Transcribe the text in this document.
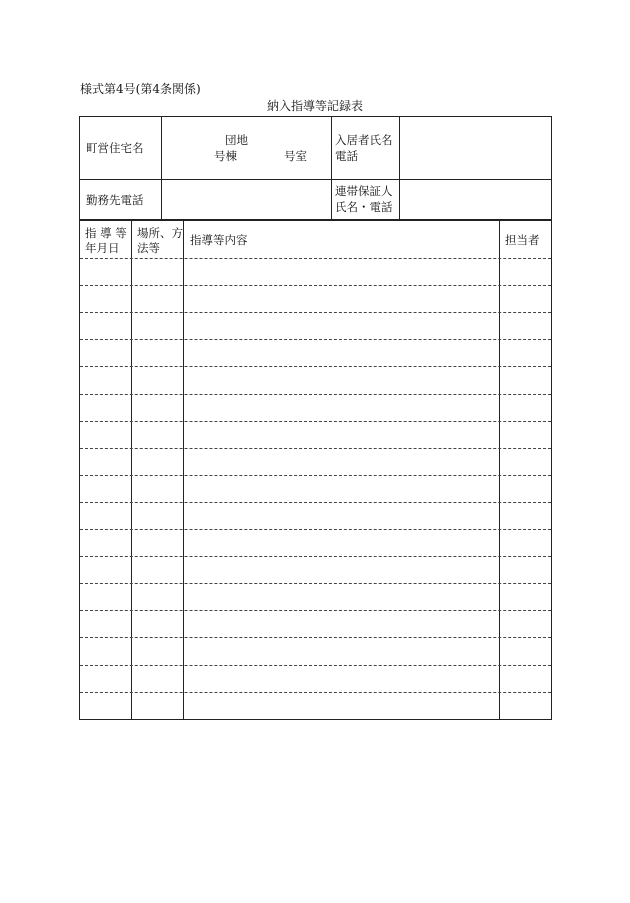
様式第4号(第4条関係)
納入指導等記録表
町営住宅名
団地
号棟	号室
入居者氏名
電話
勤務先電話
連帯保証人
氏名・電話
指 導 等
年月日
場所、方
法等
指導等内容	担当者
